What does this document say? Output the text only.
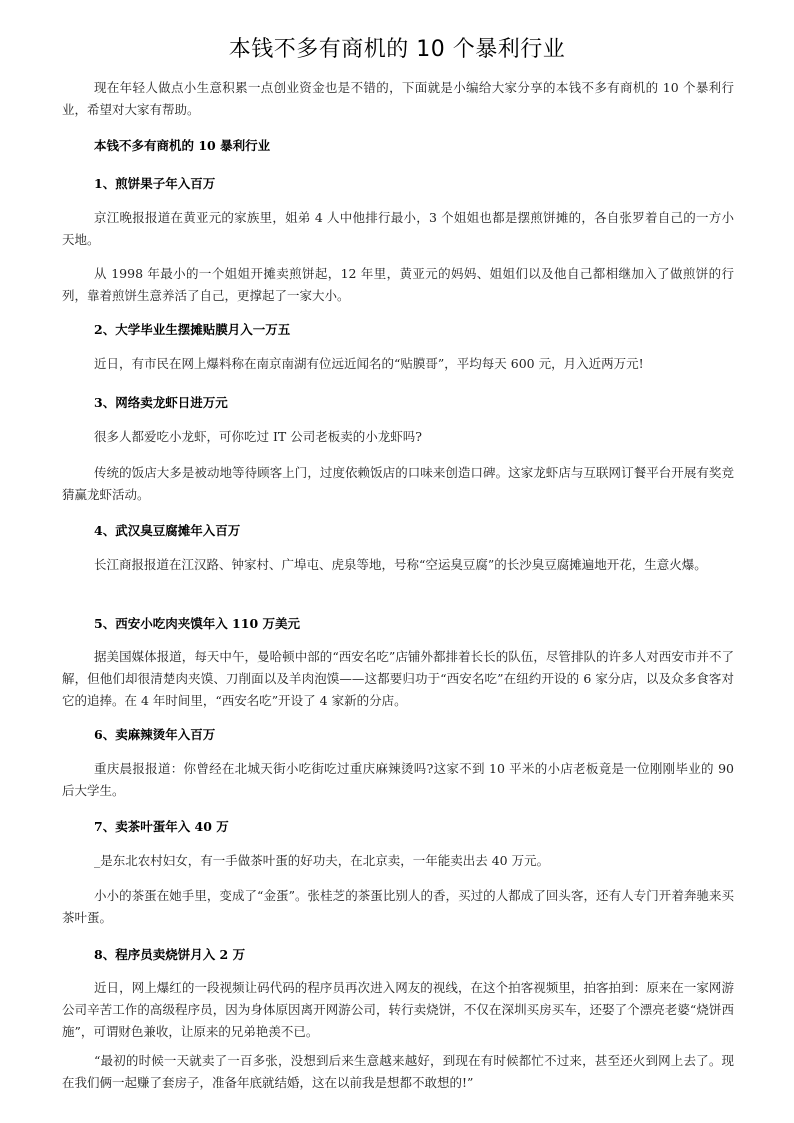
本钱不多有商机的 10 个暴利行业
现在年轻人做点小生意积累一点创业资金也是不错的，下面就是小编给大家分享的本钱不多有商机的 10 个暴利行业，希望对大家有帮助。
本钱不多有商机的 10 暴利行业
1、煎饼果子年入百万
京江晚报报道在黄亚元的家族里，姐弟 4 人中他排行最小，3 个姐姐也都是摆煎饼摊的，各自张罗着自己的一方小天地。
从 1998 年最小的一个姐姐开摊卖煎饼起，12 年里，黄亚元的妈妈、姐姐们以及他自己都相继加入了做煎饼的行列，靠着煎饼生意养活了自己，更撑起了一家大小。
2、大学毕业生摆摊贴膜月入一万五
近日，有市民在网上爆料称在南京南湖有位远近闻名的“贴膜哥”，平均每天 600 元，月入近两万元!
3、网络卖龙虾日进万元
很多人都爱吃小龙虾，可你吃过 IT 公司老板卖的小龙虾吗?
传统的饭店大多是被动地等待顾客上门，过度依赖饭店的口味来创造口碑。这家龙虾店与互联网订餐平台开展有奖竞猜赢龙虾活动。
4、武汉臭豆腐摊年入百万
长江商报报道在江汉路、钟家村、广埠屯、虎泉等地，号称“空运臭豆腐”的长沙臭豆腐摊遍地开花，生意火爆。
5、西安小吃肉夹馍年入 110 万美元
据美国媒体报道，每天中午，曼哈顿中部的“西安名吃”店铺外都排着长长的队伍，尽管排队的许多人对西安市并不了解，但他们却很清楚肉夹馍、刀削面以及羊肉泡馍——这都要归功于“西安名吃”在纽约开设的 6 家分店，以及众多食客对它的追捧。在 4 年时间里，“西安名吃”开设了 4 家新的分店。
6、卖麻辣烫年入百万
重庆晨报报道：你曾经在北城天街小吃街吃过重庆麻辣烫吗?这家不到 10 平米的小店老板竟是一位刚刚毕业的 90 后大学生。
7、卖茶叶蛋年入 40 万
_是东北农村妇女，有一手做茶叶蛋的好功夫，在北京卖，一年能卖出去 40 万元。
小小的茶蛋在她手里，变成了“金蛋”。张桂芝的茶蛋比别人的香，买过的人都成了回头客，还有人专门开着奔驰来买茶叶蛋。
8、程序员卖烧饼月入 2 万
近日，网上爆红的一段视频让码代码的程序员再次进入网友的视线，在这个拍客视频里，拍客拍到：原来在一家网游公司辛苦工作的高级程序员，因为身体原因离开网游公司，转行卖烧饼，不仅在深圳买房买车，还娶了个漂亮老婆“烧饼西施”，可谓财色兼收，让原来的兄弟艳羡不已。
“最初的时候一天就卖了一百多张，没想到后来生意越来越好，到现在有时候都忙不过来，甚至还火到网上去了。现在我们俩一起赚了套房子，准备年底就结婚，这在以前我是想都不敢想的!”
